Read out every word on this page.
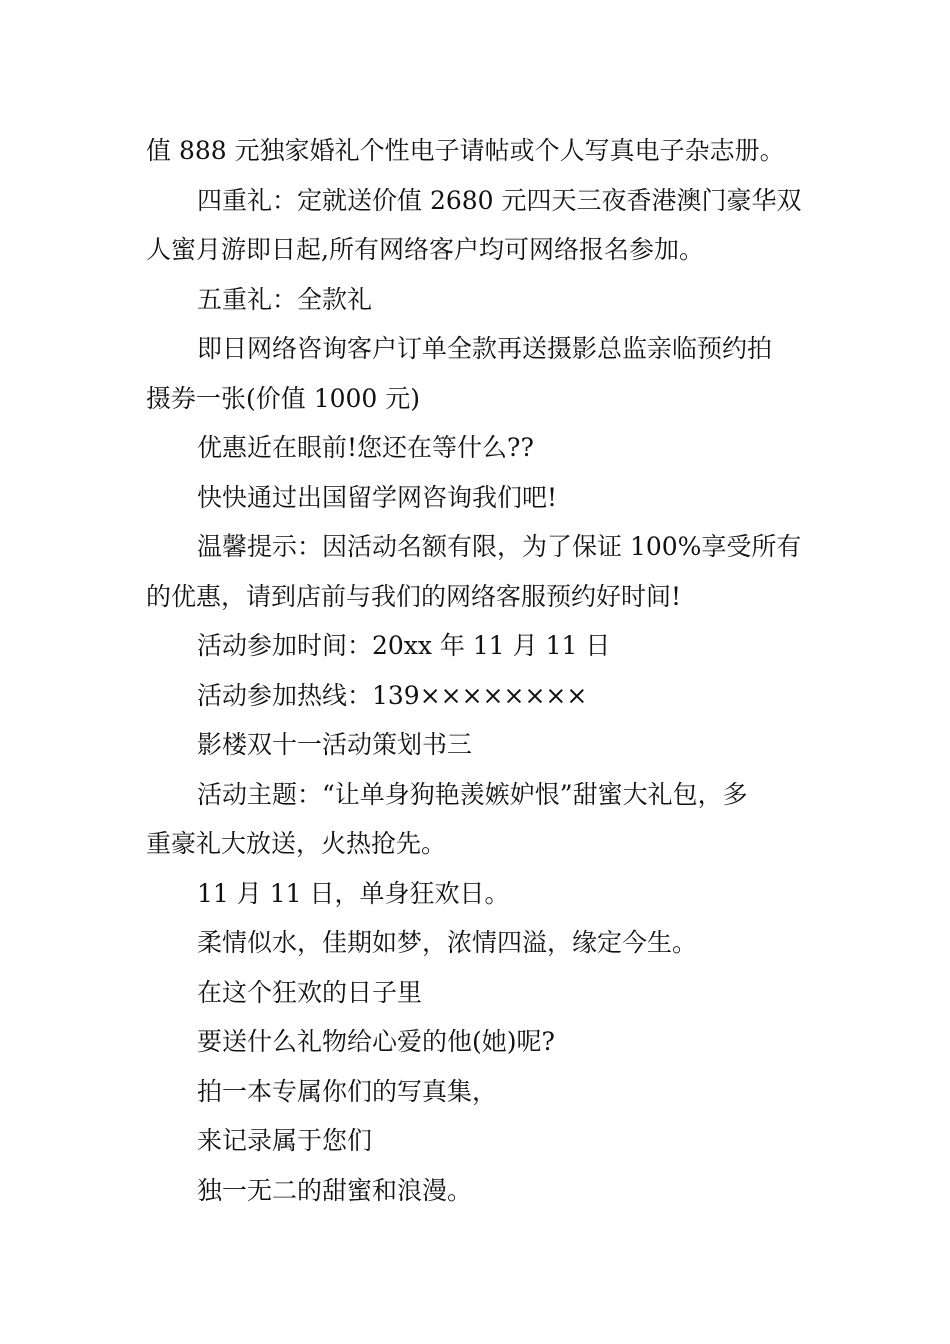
值 888 元独家婚礼个性电子请帖或个人写真电子杂志册。

四重礼：定就送价值 2680 元四天三夜香港澳门豪华双

人蜜月游即日起,所有网络客户均可网络报名参加。

五重礼：全款礼

即日网络咨询客户订单全款再送摄影总监亲临预约拍

摄券一张(价值 1000 元)

优惠近在眼前!您还在等什么??

快快通过出国留学网咨询我们吧!

温馨提示：因活动名额有限，为了保证 100%享受所有

的优惠，请到店前与我们的网络客服预约好时间!

活动参加时间：20xx 年 11 月 11 日

活动参加热线：139××××××××

影楼双十一活动策划书三

活动主题：“让单身狗艳羡嫉妒恨”甜蜜大礼包，多

重豪礼大放送，火热抢先。

11 月 11 日，单身狂欢日。

柔情似水，佳期如梦，浓情四溢，缘定今生。

在这个狂欢的日子里

要送什么礼物给心爱的他(她)呢?

拍一本专属你们的写真集，

来记录属于您们

独一无二的甜蜜和浪漫。
